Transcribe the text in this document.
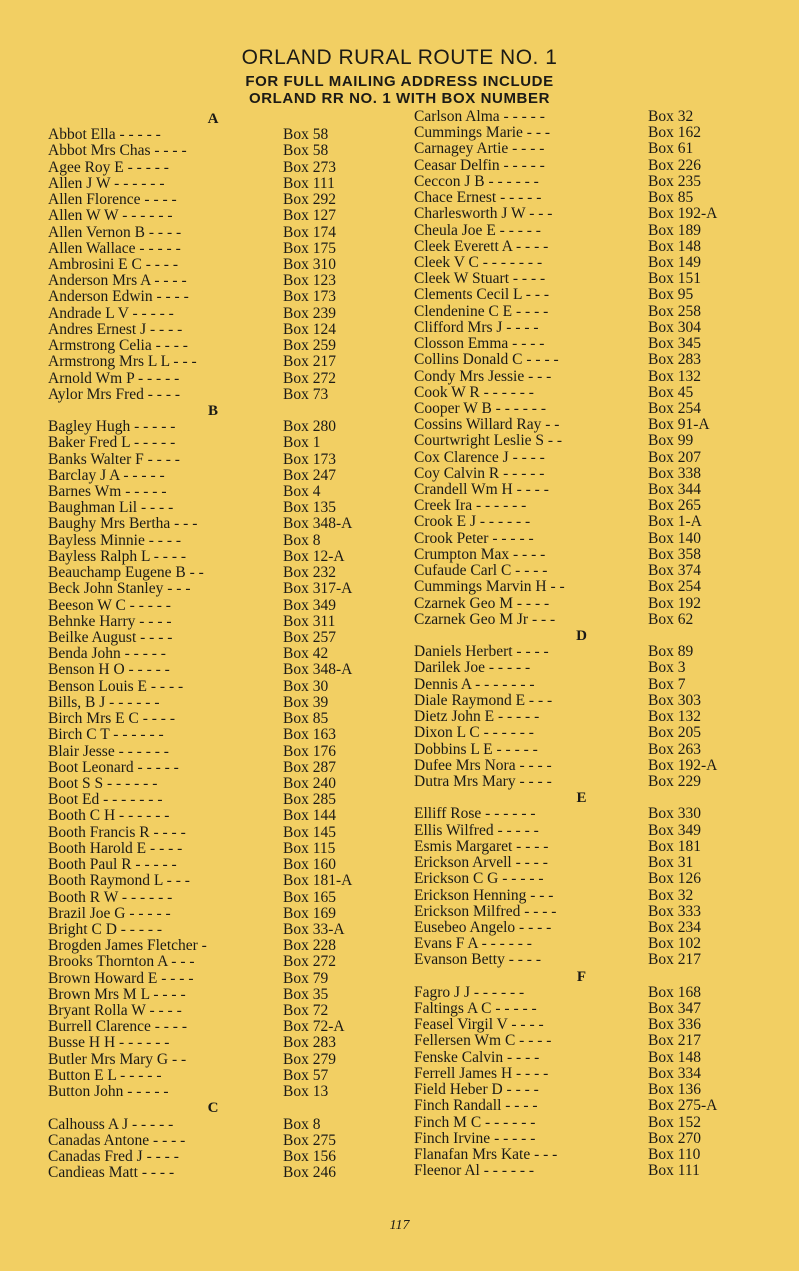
ORLAND RURAL ROUTE NO. 1
FOR FULL MAILING ADDRESS INCLUDE
ORLAND RR NO. 1 WITH BOX NUMBER
A
Abbot Ella - - - - -	Box 58
Abbot Mrs Chas - - - -	Box 58
Agee Roy E - - - - -	Box 273
Allen J W - - - - - -	Box 111
Allen Florence - - - -	Box 292
Allen W W - - - - - -	Box 127
Allen Vernon B - - - -	Box 174
Allen Wallace - - - - -	Box 175
Ambrosini E C - - - -	Box 310
Anderson Mrs A - - - -	Box 123
Anderson Edwin - - - -	Box 173
Andrade L V - - - - -	Box 239
Andres Ernest J - - - -	Box 124
Armstrong Celia - - - -	Box 259
Armstrong Mrs L L - - -	Box 217
Arnold Wm P - - - - -	Box 272
Aylor Mrs Fred - - - -	Box 73
B
Bagley Hugh - - - - -	Box 280
Baker Fred L - - - - -	Box 1
Banks Walter F - - - -	Box 173
Barclay J A - - - - -	Box 247
Barnes Wm - - - - -	Box 4
Baughman Lil - - - -	Box 135
Baughy Mrs Bertha - - -	Box 348-A
Bayless Minnie - - - -	Box 8
Bayless Ralph L - - - -	Box 12-A
Beauchamp Eugene B - -	Box 232
Beck John Stanley - - -	Box 317-A
Beeson W C - - - - -	Box 349
Behnke Harry - - - -	Box 311
Beilke August - - - -	Box 257
Benda John - - - - -	Box 42
Benson H O - - - - -	Box 348-A
Benson Louis E - - - -	Box 30
Bills, B J - - - - - -	Box 39
Birch Mrs E C - - - -	Box 85
Birch C T - - - - - -	Box 163
Blair Jesse - - - - - -	Box 176
Boot Leonard - - - - -	Box 287
Boot S S - - - - - -	Box 240
Boot Ed - - - - - - -	Box 285
Booth C H - - - - - -	Box 144
Booth Francis R - - - -	Box 145
Booth Harold E - - - -	Box 115
Booth Paul R - - - - -	Box 160
Booth Raymond L - - -	Box 181-A
Booth R W - - - - - -	Box 165
Brazil Joe G - - - - -	Box 169
Bright C D - - - - -	Box 33-A
Brogden James Fletcher -	Box 228
Brooks Thornton A - - -	Box 272
Brown Howard E - - - -	Box 79
Brown Mrs M L - - - -	Box 35
Bryant Rolla W - - - -	Box 72
Burrell Clarence - - - -	Box 72-A
Busse H H - - - - - -	Box 283
Butler Mrs Mary G - -	Box 279
Button E L - - - - -	Box 57
Button John - - - - -	Box 13
C
Calhouss A J - - - - -	Box 8
Canadas Antone - - - -	Box 275
Canadas Fred J - - - -	Box 156
Candieas Matt - - - -	Box 246
Carlson Alma - - - - -	Box 32
Cummings Marie - - -	Box 162
Carnagey Artie - - - -	Box 61
Ceasar Delfin - - - - -	Box 226
Ceccon J B - - - - - -	Box 235
Chace Ernest - - - - -	Box 85
Charlesworth J W - - -	Box 192-A
Cheula Joe E - - - - -	Box 189
Cleek Everett A - - - -	Box 148
Cleek V C - - - - - - -	Box 149
Cleek W Stuart - - - -	Box 151
Clements Cecil L - - -	Box 95
Clendenine C E - - - -	Box 258
Clifford Mrs J - - - -	Box 304
Closson Emma - - - -	Box 345
Collins Donald C - - - -	Box 283
Condy Mrs Jessie - - -	Box 132
Cook W R - - - - - -	Box 45
Cooper W B - - - - - -	Box 254
Cossins Willard Ray - -	Box 91-A
Courtwright Leslie S - -	Box 99
Cox Clarence J - - - -	Box 207
Coy Calvin R - - - - -	Box 338
Crandell Wm H - - - -	Box 344
Creek Ira - - - - - -	Box 265
Crook E J - - - - - -	Box 1-A
Crook Peter - - - - -	Box 140
Crumpton Max - - - -	Box 358
Cufaude Carl C - - - -	Box 374
Cummings Marvin H - -	Box 254
Czarnek Geo M - - - -	Box 192
Czarnek Geo M Jr - - -	Box 62
D
Daniels Herbert - - - -	Box 89
Darilek Joe - - - - -	Box 3
Dennis A - - - - - - -	Box 7
Diale Raymond E - - -	Box 303
Dietz John E - - - - -	Box 132
Dixon L C - - - - - -	Box 205
Dobbins L E - - - - -	Box 263
Dufee Mrs Nora - - - -	Box 192-A
Dutra Mrs Mary - - - -	Box 229
E
Elliff Rose - - - - - -	Box 330
Ellis Wilfred - - - - -	Box 349
Esmis Margaret - - - -	Box 181
Erickson Arvell - - - -	Box 31
Erickson C G - - - - -	Box 126
Erickson Henning - - -	Box 32
Erickson Milfred - - - -	Box 333
Eusebeo Angelo - - - -	Box 234
Evans F A - - - - - -	Box 102
Evanson Betty - - - -	Box 217
F
Fagro J J - - - - - -	Box 168
Faltings A C - - - - -	Box 347
Feasel Virgil V - - - -	Box 336
Fellersen Wm C - - - -	Box 217
Fenske Calvin - - - -	Box 148
Ferrell James H - - - -	Box 334
Field Heber D - - - -	Box 136
Finch Randall - - - -	Box 275-A
Finch M C - - - - - -	Box 152
Finch Irvine - - - - -	Box 270
Flanafan Mrs Kate - - -	Box 110
Fleenor Al - - - - - -	Box 111
117
